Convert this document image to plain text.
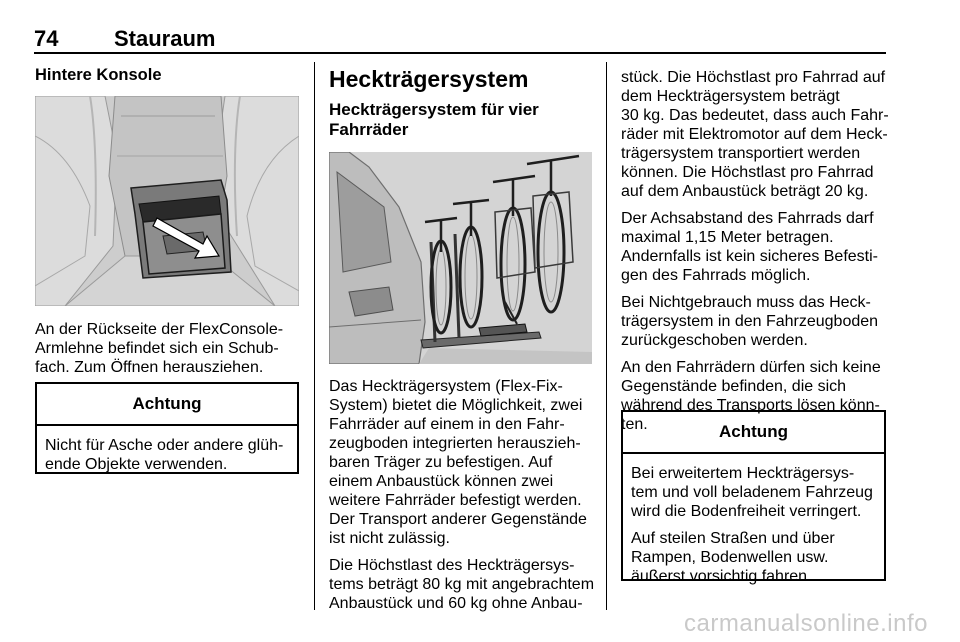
74	Stauraum
Hintere Konsole

An der Rückseite der FlexConsole-
Armlehne befindet sich ein Schub-
fach. Zum Öffnen herausziehen.

Achtung
Nicht für Asche oder andere glüh-
ende Objekte verwenden.
Heckträgersystem
Heckträgersystem für vier
Fahrräder

Das Heckträgersystem (Flex-Fix-
System) bietet die Möglichkeit, zwei
Fahrräder auf einem in den Fahr-
zeugboden integrierten herauszieh-
baren Träger zu befestigen. Auf
einem Anbaustück können zwei
weitere Fahrräder befestigt werden.
Der Transport anderer Gegenstände
ist nicht zulässig.

Die Höchstlast des Heckträgersys-
tems beträgt 80 kg mit angebrachtem
Anbaustück und 60 kg ohne Anbau-

stück. Die Höchstlast pro Fahrrad auf
dem Heckträgersystem beträgt
30 kg. Das bedeutet, dass auch Fahr-
räder mit Elektromotor auf dem Heck-
trägersystem transportiert werden
können. Die Höchstlast pro Fahrrad
auf dem Anbaustück beträgt 20 kg.

Der Achsabstand des Fahrrads darf
maximal 1,15 Meter betragen.
Andernfalls ist kein sicheres Befesti-
gen des Fahrrads möglich.

Bei Nichtgebrauch muss das Heck-
trägersystem in den Fahrzeugboden
zurückgeschoben werden.

An den Fahrrädern dürfen sich keine
Gegenstände befinden, die sich
während des Transports lösen könn-
ten.	Achtung

Bei erweitertem Heckträgersys-
tem und voll beladenem Fahrzeug
wird die Bodenfreiheit verringert.

Auf steilen Straßen und über
Rampen, Bodenwellen usw.
äußerst vorsichtig fahren.

carmanualsonline.info
